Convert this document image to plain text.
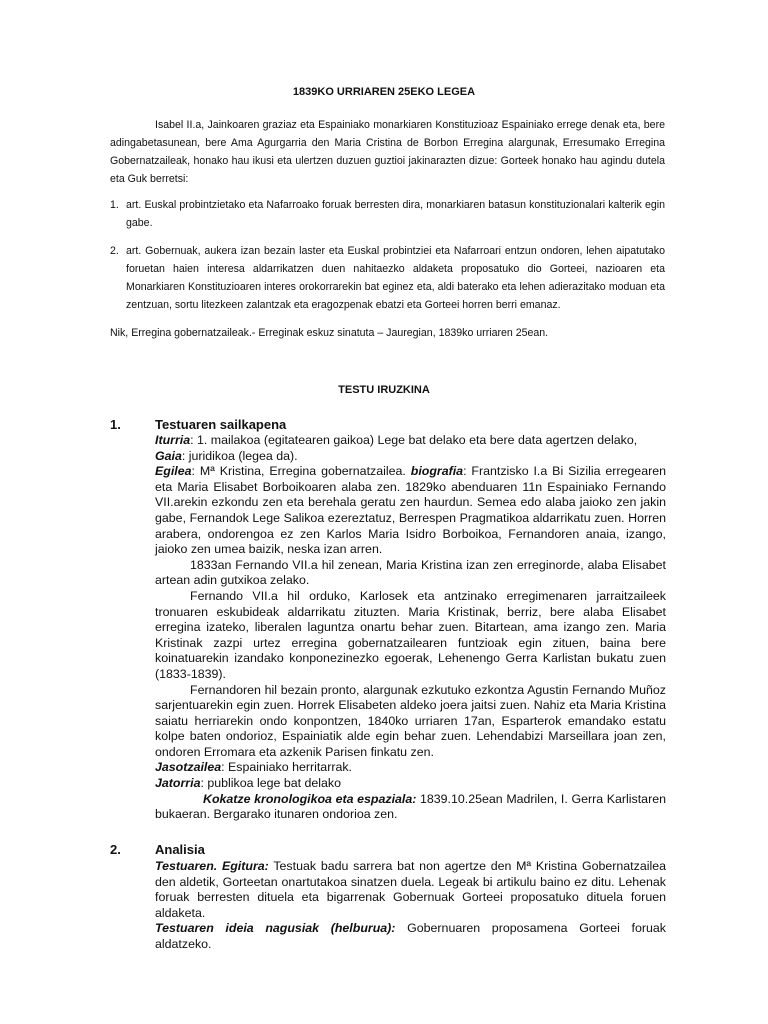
1839KO URRIAREN 25EKO LEGEA

Isabel II.a, Jainkoaren graziaz eta Espainiako monarkiaren Konstituzioaz Espainiako errege denak eta, bere adingabetasunean, bere Ama Agurgarria den Maria Cristina de Borbon Erregina alargunak, Erresumako Erregina Gobernatzaileak, honako hau ikusi eta ulertzen duzuen guztioi jakinarazten dizue: Gorteek honako hau agindu dutela eta Guk berretsi:

1. art. Euskal probintzietako eta Nafarroako foruak berresten dira, monarkiaren batasun konstituzionalari kalterik egin gabe.
2. art. Gobernuak, aukera izan bezain laster eta Euskal probintziei eta Nafarroari entzun ondoren, lehen aipatutako foruetan haien interesa aldarrikatzen duen nahitaezko aldaketa proposatuko dio Gorteei, nazioaren eta Monarkiaren Konstituzioaren interes orokorrarekin bat eginez eta, aldi baterako eta lehen adierazitako moduan eta zentzuan, sortu litezkeen zalantzak eta eragozpenak ebatzi eta Gorteei horren berri emanaz.
Nik, Erregina gobernatzaileak.- Erreginak eskuz sinatuta – Jauregian, 1839ko urriaren 25ean.
TESTU IRUZKINA
1.	Testuaren sailkapena

Iturria: 1. mailakoa (egitatearen gaikoa) Lege bat delako eta bere data agertzen delako,

Gaia: juridikoa (legea da).

Egilea: Mª Kristina, Erregina gobernatzailea. biografia: Frantzisko I.a Bi Sizilia erregearen eta Maria Elisabet Borboikoaren alaba zen. 1829ko abenduaren 11n Espainiako Fernando VII.arekin ezkondu zen eta berehala geratu zen haurdun. Semea edo alaba jaioko zen jakin gabe, Fernandok Lege Salikoa ezereztatuz, Berrespen Pragmatikoa aldarrikatu zuen. Horren arabera, ondorengoa ez zen Karlos Maria Isidro Borboikoa, Fernandoren anaia, izango, jaioko zen umea baizik, neska izan arren.

1833an Fernando VII.a hil zenean, Maria Kristina izan zen erreginorde, alaba Elisabet artean adin gutxikoa zelako.

Fernando VII.a hil orduko, Karlosek eta antzinako erregimenaren jarraitzaileek tronuaren eskubideak aldarrikatu zituzten. Maria Kristinak, berriz, bere alaba Elisabet erregina izateko, liberalen laguntza onartu behar zuen. Bitartean, ama izango zen. Maria Kristinak zazpi urtez erregina gobernatzailearen funtzioak egin zituen, baina bere koinatuarekin izandako konponezinezko egoerak, Lehenengo Gerra Karlistan bukatu zuen (1833-1839).

Fernandoren hil bezain pronto, alargunak ezkutuko ezkontza Agustin Fernando Muñoz sarjentuarekin egin zuen. Horrek Elisabeten aldeko joera jaitsi zuen. Nahiz eta Maria Kristina saiatu herriarekin ondo konpontzen, 1840ko urriaren 17an, Esparterok emandako estatu kolpe baten ondorioz, Espainiatik alde egin behar zuen. Lehendabizi Marseillara joan zen, ondoren Erromara eta azkenik Parisen finkatu zen.

Jasotzailea: Espainiako herritarrak.

Jatorria: publikoa lege bat delako

Kokatze kronologikoa eta espaziala: 1839.10.25ean Madrilen, I. Gerra Karlistaren bukaeran. Bergarako itunaren ondorioa zen.

2.	Analisia

Testuaren. Egitura: Testuak badu sarrera bat non agertze den Mª Kristina Gobernatzailea den aldetik, Gorteetan onartutakoa sinatzen duela. Legeak bi artikulu baino ez ditu. Lehenak foruak berresten dituela eta bigarrenak Gobernuak Gorteei proposatuko dituela foruen aldaketa.

Testuaren ideia nagusiak (helburua): Gobernuaren proposamena Gorteei foruak aldatzeko.
